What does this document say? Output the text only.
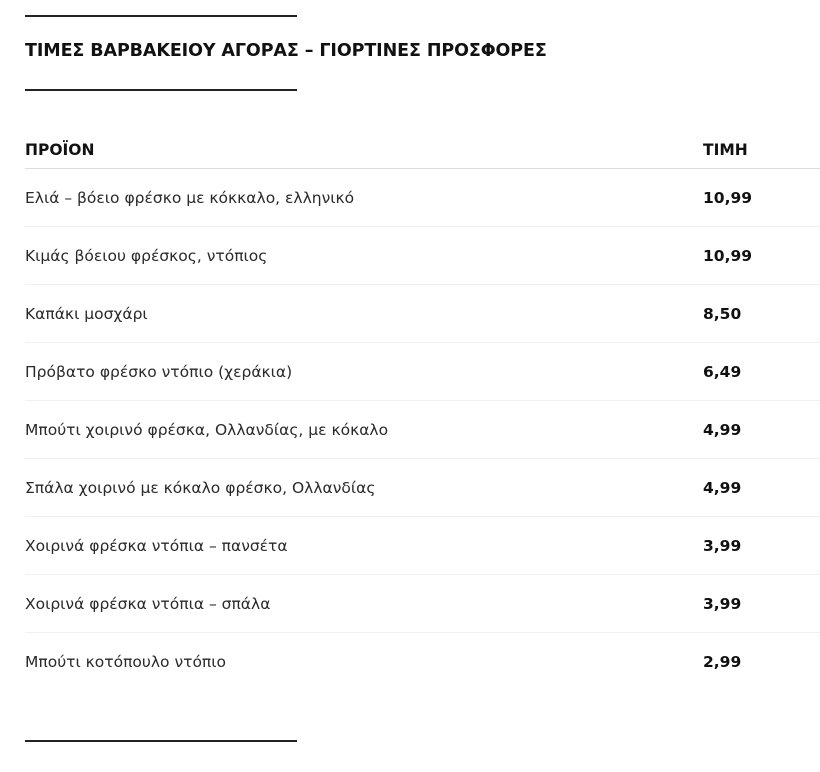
ΤΙΜΕΣ ΒΑΡΒΑΚΕΙΟΥ ΑΓΟΡΑΣ – ΓΙΟΡΤΙΝΕΣ ΠΡΟΣΦΟΡΕΣ
ΠΡΟΪΟΝ	ΤΙΜΗ
Ελιά – βόειο φρέσκο με κόκκαλο, ελληνικό	10,99
Κιμάς βόειου φρέσκος, ντόπιος	10,99
Καπάκι μοσχάρι	8,50
Πρόβατο φρέσκο ντόπιο (χεράκια)	6,49
Μπούτι χοιρινό φρέσκα, Ολλανδίας, με κόκαλο	4,99
Σπάλα χοιρινό με κόκαλο φρέσκο, Ολλανδίας	4,99
Χοιρινά φρέσκα ντόπια – πανσέτα	3,99
Χοιρινά φρέσκα ντόπια – σπάλα	3,99
Μπούτι κοτόπουλο ντόπιο	2,99
